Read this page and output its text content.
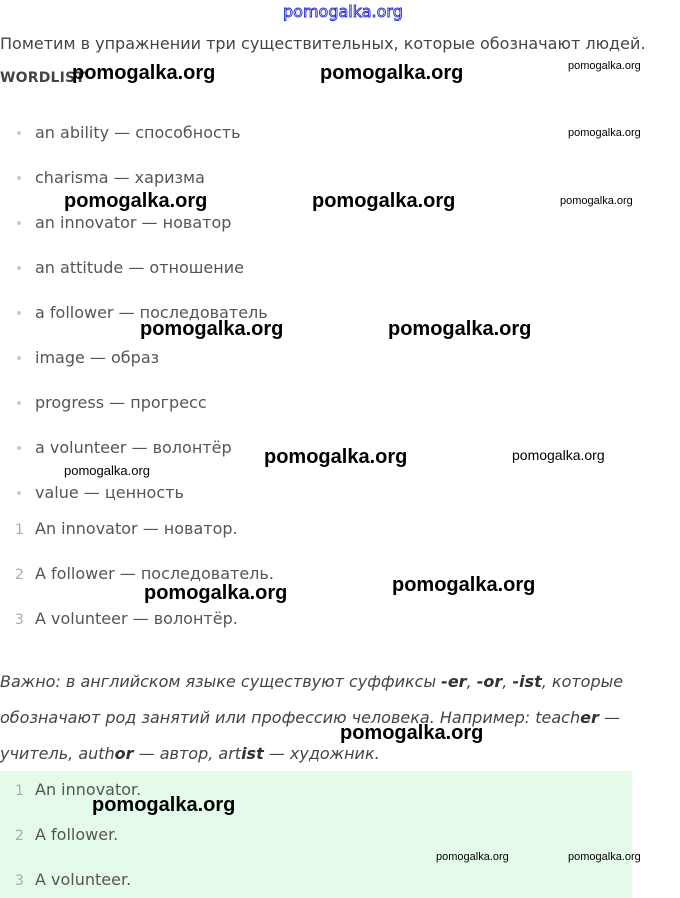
pomogalka.org
Пометим в упражнении три существительных, которые обозначают людей.
WORDLIST
an ability — способность
charisma — харизма
an innovator — новатор
an attitude — отношение
a follower — последователь
image — образ
progress — прогресс
a volunteer — волонтёр
value — ценность
1 An innovator — новатор.
2 A follower — последователь.
3 A volunteer — волонтёр.
Важно: в английском языке существуют суффиксы -er, -or, -ist, которые
обозначают род занятий или профессию человека. Например: teacher —
учитель, author — автор, artist — художник.
1 An innovator.
2 A follower.
3 A volunteer.
pomogalka.org	pomogalka.org	pomogalka.org
pomogalka.org
pomogalka.org	pomogalka.org	pomogalka.org
pomogalka.org	pomogalka.org
pomogalka.org	pomogalka.org
pomogalka.org
pomogalka.org	pomogalka.org
pomogalka.org
pomogalka.org
pomogalka.org	pomogalka.org
